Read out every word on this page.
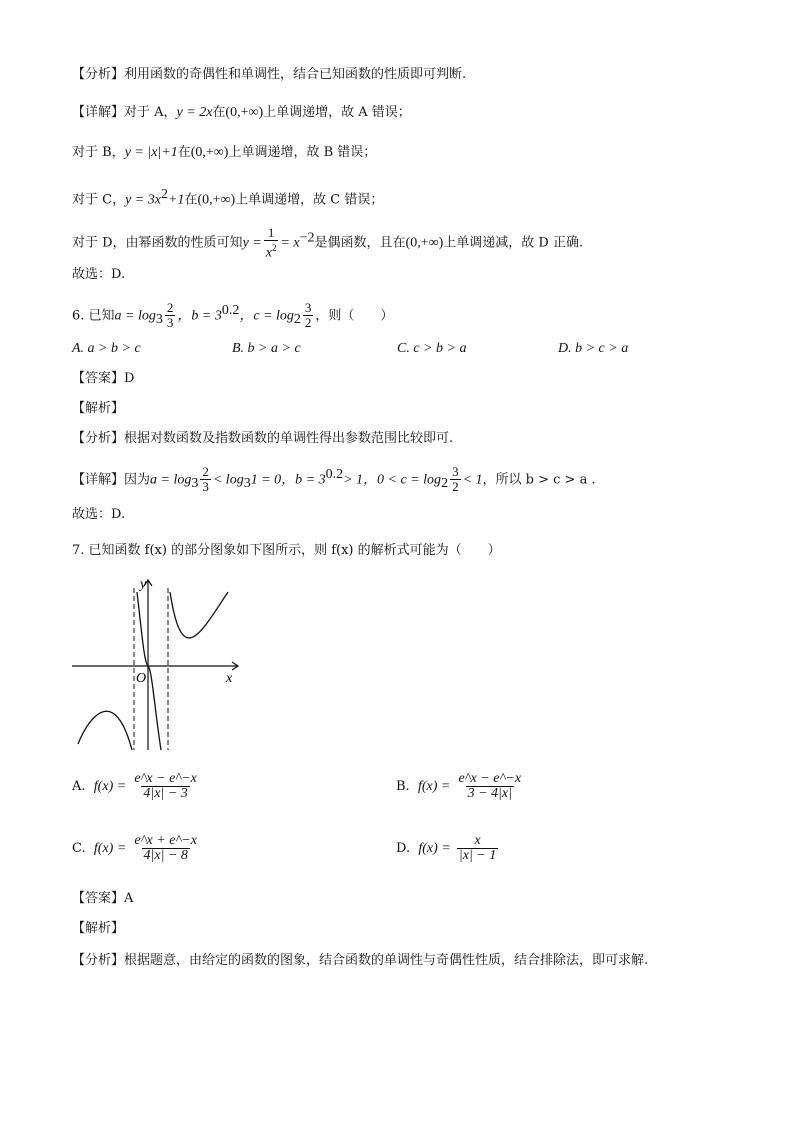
【分析】利用函数的奇偶性和单调性，结合已知函数的性质即可判断.
【详解】对于 A，y = 2x在(0,+∞)上单调递增，故 A 错误；
对于 B，y = |x|+1在(0,+∞)上单调递增，故 B 错误；
对于 C，$y = 3x^2+1$在(0,+∞)上单调递增，故 C 错误；
对于 D，由幂函数的性质可知$y = \frac{1}{x^2} = x^{-2}$是偶函数，且在(0,+∞)上单调递减，故 D 正确.
故选：D.
6. 已知$a = \log_3 \frac{2}{3}$ ，$b = 3^{0.2}$，$c = \log_2 \frac{3}{2}$ ，则（　　）
A. a > b > c	B. b > a > c	C. c > b > a	D. b > c > a
【答案】D
【解析】
【分析】根据对数函数及指数函数的单调性得出参数范围比较即可.
【详解】因为$a = \log_3 \frac{2}{3} < \log_31 = 0$，$b = 3^{0.2}> 1$，$0 < c = \log_2 \frac{3}{2} < 1$，所以 b > c > a .
故选：D.
7. 已知函数 f(x) 的部分图象如下图所示，则 f(x) 的解析式可能为（　　）
y
x
O
A. $f(x) = \frac{e\^{}x - e\^{}-x}{4|x| - 3}$	B. $f(x) = \frac{e\^{}x - e\^{}-x}{3 - 4|x|}$
C. $f(x) = \frac{e\^{}x + e\^{}-x}{4|x| - 8}$	D. $f(x) = \frac{x}{|x| - 1}$
【答案】A
【解析】
【分析】根据题意，由给定的函数的图象，结合函数的单调性与奇偶性性质，结合排除法，即可求解.
